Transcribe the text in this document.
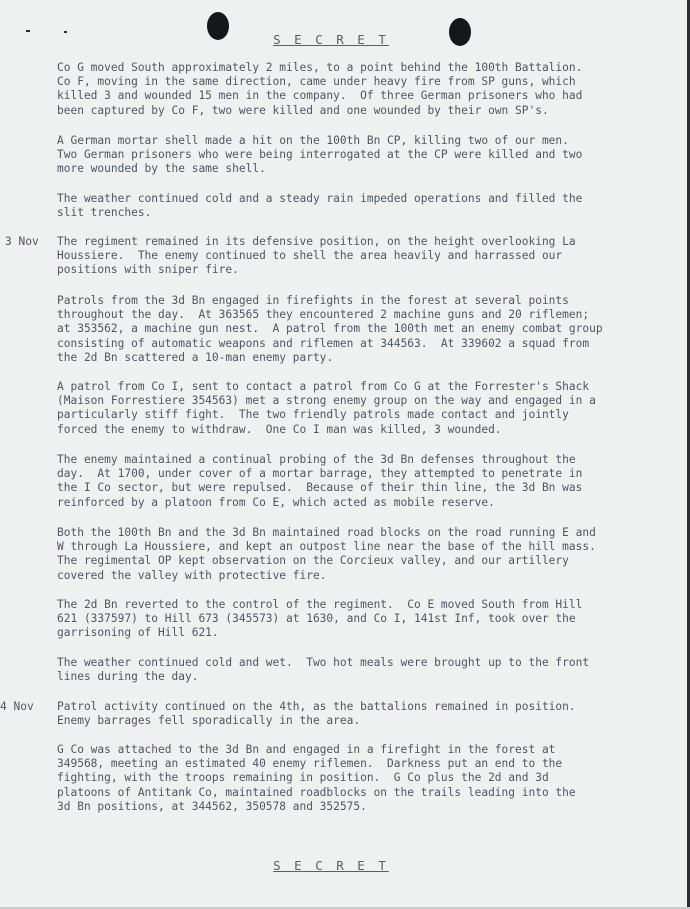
S E C R E T

Co G moved South approximately 2 miles, to a point behind the 100th Battalion.

Co F, moving in the same direction, came under heavy fire from SP guns, which

killed 3 and wounded 15 men in the company.  Of three German prisoners who had

been captured by Co F, two were killed and one wounded by their own SP's.

A German mortar shell made a hit on the 100th Bn CP, killing two of our men.

Two German prisoners who were being interrogated at the CP were killed and two

more wounded by the same shell.

The weather continued cold and a steady rain impeded operations and filled the

slit trenches.

3 Nov	The regiment remained in its defensive position, on the height overlooking La

Houssiere.  The enemy continued to shell the area heavily and harrassed our

positions with sniper fire.

Patrols from the 3d Bn engaged in firefights in the forest at several points

throughout the day.  At 363565 they encountered 2 machine guns and 20 riflemen;

at 353562, a machine gun nest.  A patrol from the 100th met an enemy combat group

consisting of automatic weapons and riflemen at 344563.  At 339602 a squad from

the 2d Bn scattered a 10-man enemy party.

A patrol from Co I, sent to contact a patrol from Co G at the Forrester's Shack

(Maison Forrestiere 354563) met a strong enemy group on the way and engaged in a

particularly stiff fight.  The two friendly patrols made contact and jointly

forced the enemy to withdraw.  One Co I man was killed, 3 wounded.

The enemy maintained a continual probing of the 3d Bn defenses throughout the

day.  At 1700, under cover of a mortar barrage, they attempted to penetrate in

the I Co sector, but were repulsed.  Because of their thin line, the 3d Bn was

reinforced by a platoon from Co E, which acted as mobile reserve.

Both the 100th Bn and the 3d Bn maintained road blocks on the road running E and

W through La Houssiere, and kept an outpost line near the base of the hill mass.

The regimental OP kept observation on the Corcieux valley, and our artillery

covered the valley with protective fire.

The 2d Bn reverted to the control of the regiment.  Co E moved South from Hill

621 (337597) to Hill 673 (345573) at 1630, and Co I, 141st Inf, took over the

garrisoning of Hill 621.

The weather continued cold and wet.  Two hot meals were brought up to the front

lines during the day.

4 Nov	Patrol activity continued on the 4th, as the battalions remained in position.

Enemy barrages fell sporadically in the area.

G Co was attached to the 3d Bn and engaged in a firefight in the forest at

349568, meeting an estimated 40 enemy riflemen.  Darkness put an end to the

fighting, with the troops remaining in position.  G Co plus the 2d and 3d

platoons of Antitank Co, maintained roadblocks on the trails leading into the

3d Bn positions, at 344562, 350578 and 352575.

S E C R E T
